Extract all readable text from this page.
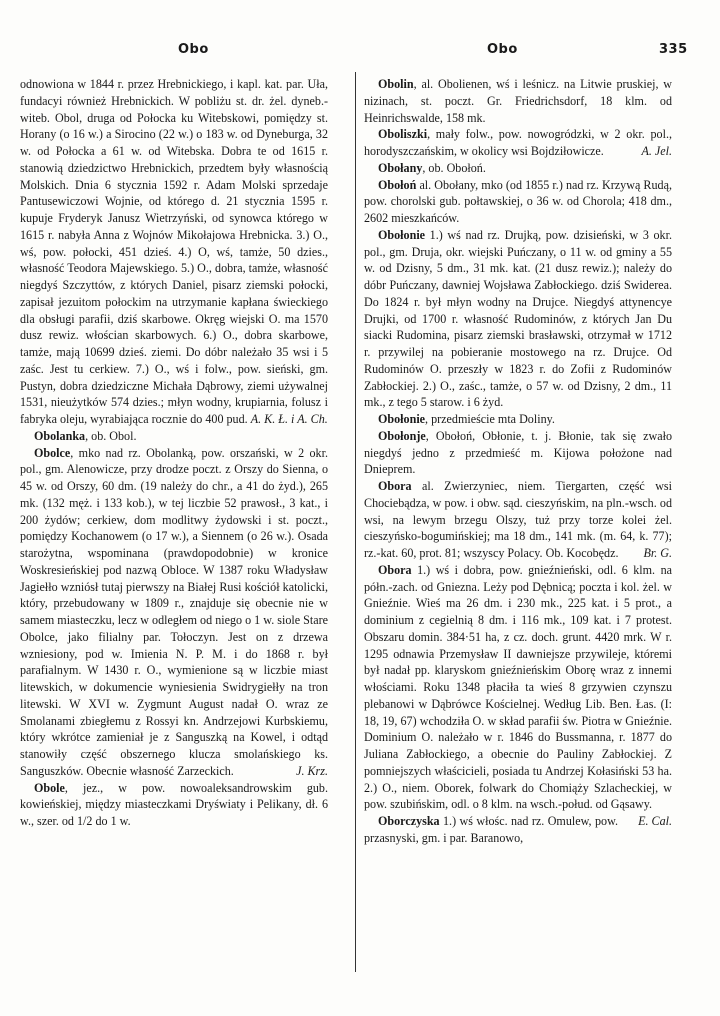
Obo	Obo	335

odnowiona w 1844 r. przez Hrebnickiego, i kapl. kat. par. Uła, fundacyi również Hrebnickich. W pobliżu st. dr. żel. dyneb.-witeb. Obol, druga od Połocka ku Witebskowi, pomiędzy st. Horany (o 16 w.) a Sirocino (22 w.) o 183 w. od Dyneburga, 32 w. od Połocka a 61 w. od Witebska. Dobra te od 1615 r. stanowią dziedzictwo Hrebnickich, przedtem były własnością Molskich. Dnia 6 stycznia 1592 r. Adam Molski sprzedaje Pantusewiczowi Wojnie, od którego d. 21 stycznia 1595 r. kupuje Fryderyk Janusz Wietrzyński, od synowca którego w 1615 r. nabyła Anna z Wojnów Mikołajowa Hrebnicka. 3.) O., wś, pow. połocki, 451 dzieś. 4.) O, wś, tamże, 50 dzies., własność Teodora Majewskiego. 5.) O., dobra, tamże, własność niegdyś Szczyttów, z których Daniel, pisarz ziemski połocki, zapisał jezuitom połockim na utrzymanie kapłana świeckiego dla obsługi parafii, dziś skarbowe. Okręg wiejski O. ma 1570 dusz rewiz. włościan skarbowych. 6.) O., dobra skarbowe, tamże, mają 10699 dzieś. ziemi. Do dóbr należało 35 wsi i 5 zaśc. Jest tu cerkiew. 7.) O., wś i folw., pow. sieński, gm. Pustyn, dobra dziedziczne Michała Dąbrowy, ziemi używalnej 1531, nieużytków 574 dzies.; młyn wodny, krupiarnia, folusz i fabryka oleju, wyrabiająca rocznie do 400 pud. A. K. Ł. i A. Ch.

Obolanka, ob. Obol.

Obolce, mko nad rz. Obolanką, pow. orszański, w 2 okr. pol., gm. Alenowicze, przy drodze poczt. z Orszy do Sienna, o 45 w. od Orszy, 60 dm. (19 należy do chr., a 41 do żyd.), 265 mk. (132 męż. i 133 kob.), w tej liczbie 52 prawosł., 3 kat., i 200 żydów; cerkiew, dom modlitwy żydowski i st. poczt., pomiędzy Kochanowem (o 17 w.), a Siennem (o 26 w.). Osada starożytna, wspominana (prawdopodobnie) w kronice Woskresieńskiej pod nazwą Obloce. W 1387 roku Władysław Jagiełło wzniósł tutaj pierwszy na Białej Rusi kościół katolicki, który, przebudowany w 1809 r., znajduje się obecnie nie w samem miasteczku, lecz w odległem od niego o 1 w. siole Stare Obolce, jako filialny par. Tołoczyn. Jest on z drzewa wzniesiony, pod w. Imienia N. P. M. i do 1868 r. był parafialnym. W 1430 r. O., wymienione są w liczbie miast litewskich, w dokumencie wyniesienia Swidrygiełły na tron litewski. W XVI w. Zygmunt August nadał O. wraz ze Smolanami zbiegłemu z Rossyi kn. Andrzejowi Kurbskiemu, który wkrótce zamieniał je z Sanguszką na Kowel, i odtąd stanowiły część obszernego klucza smolańskiego ks. Sanguszków. Obecnie własność Zarzeckich.	J. Krz.

Obole, jez., w pow. nowoaleksandrowskim gub. kowieńskiej, między miasteczkami Dryświaty i Pelikany, dł. 6 w., szer. od 1/2 do 1 w.

Obolin, al. Obolienen, wś i leśnicz. na Litwie pruskiej, w nizinach, st. poczt. Gr. Friedrichsdorf, 18 klm. od Heinrichswalde, 158 mk.

Oboliszki, mały folw., pow. nowogródzki, w 2 okr. pol., horodyszczańskim, w okolicy wsi Bojdziłowicze.	A. Jel.

Obołany, ob. Obołoń.

Obołoń al. Obołany, mko (od 1855 r.) nad rz. Krzywą Rudą, pow. chorolski gub. połtawskiej, o 36 w. od Chorola; 418 dm., 2602 mieszkańców.

Obołonie 1.) wś nad rz. Drujką, pow. dzisieński, w 3 okr. pol., gm. Druja, okr. wiejski Puńczany, o 11 w. od gminy a 55 w. od Dzisny, 5 dm., 31 mk. kat. (21 dusz rewiz.); należy do dóbr Puńczany, dawniej Wojsława Zabłockiego. dziś Swiderea. Do 1824 r. był młyn wodny na Drujce. Niegdyś attynencye Drujki, od 1700 r. własność Rudominów, z których Jan Du siacki Rudomina, pisarz ziemski brasławski, otrzymał w 1712 r. przywilej na pobieranie mostowego na rz. Drujce. Od Rudominów O. przeszły w 1823 r. do Zofii z Rudominów Zabłockiej. 2.) O., zaśc., tamże, o 57 w. od Dzisny, 2 dm., 11 mk., z tego 5 starow. i 6 żyd.

Obołonie, przedmieście mta Doliny.

Obołonje, Obołoń, Obłonie, t. j. Błonie, tak się zwało niegdyś jedno z przedmieść m. Kijowa położone nad Dnieprem.

Obora al. Zwierzyniec, niem. Tiergarten, część wsi Chociebądza, w pow. i obw. sąd. cieszyńskim, na pln.-wsch. od wsi, na lewym brzegu Olszy, tuż przy torze kolei żel. cieszyńsko-bogumińskiej; ma 18 dm., 141 mk. (m. 64, k. 77); rz.-kat. 60, prot. 81; wszyscy Polacy. Ob. Kocobędz.	Br. G.

Obora 1.) wś i dobra, pow. gnieźnieński, odl. 6 klm. na półn.-zach. od Gniezna. Leży pod Dębnicą; poczta i kol. żel. w Gnieźnie. Wieś ma 26 dm. i 230 mk., 225 kat. i 5 prot., a dominium z cegielnią 8 dm. i 116 mk., 109 kat. i 7 protest. Obszaru domin. 384·51 ha, z cz. doch. grunt. 4420 mrk. W r. 1295 odnawia Przemysław II dawniejsze przywileje, któremi był nadał pp. klaryskom gnieźnieńskim Oborę wraz z innemi włościami. Roku 1348 płaciła ta wieś 8 grzywien czynszu plebanowi w Dąbrówce Kościelnej. Według Lib. Ben. Łas. (I: 18, 19, 67) wchodziła O. w skład parafii św. Piotra w Gnieźnie. Dominium O. należało w r. 1846 do Bussmanna, r. 1877 do Juliana Zabłockiego, a obecnie do Pauliny Zabłockiej. Z pomniejszych właścicieli, posiada tu Andrzej Kołasiński 53 ha. 2.) O., niem. Oborek, folwark do Chomiąży Szlacheckiej, w pow. szubińskim, odl. o 8 klm. na wsch.-połud. od Gąsawy.
E. Cal.

Oborczyska 1.) wś włośc. nad rz. Omulew, pow. przasnyski, gm. i par. Baranowo,
